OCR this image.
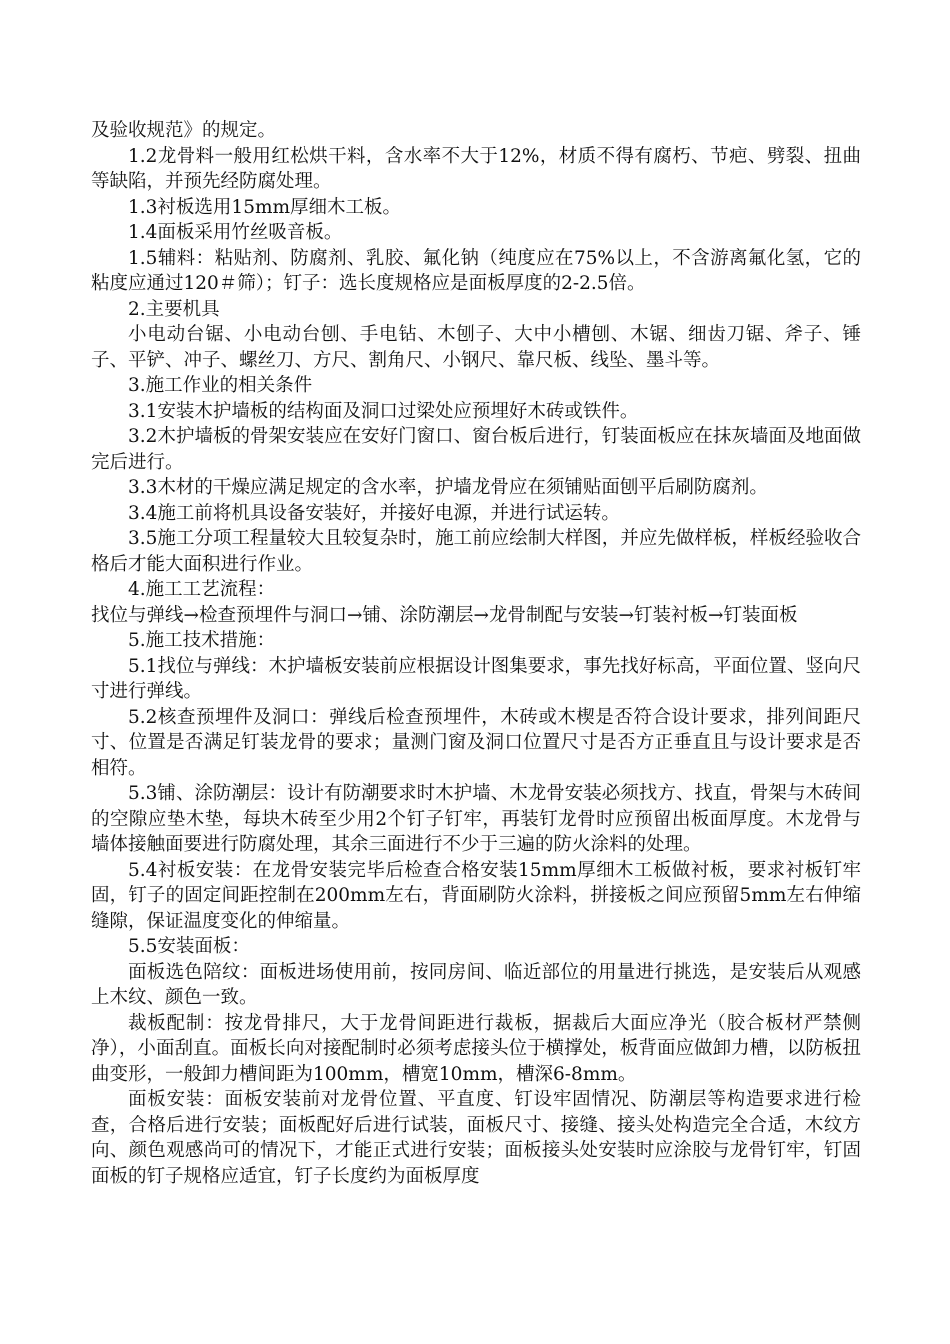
及验收规范》的规定。

1.2龙骨料一般用红松烘干料，含水率不大于12%，材质不得有腐朽、节疤、劈裂、扭曲等缺陷，并预先经防腐处理。

1.3衬板选用15mm厚细木工板。

1.4面板采用竹丝吸音板。

1.5辅料：粘贴剂、防腐剂、乳胶、氟化钠（纯度应在75%以上，不含游离氟化氢，它的粘度应通过120＃筛）；钉子：选长度规格应是面板厚度的2-2.5倍。

2.主要机具

小电动台锯、小电动台刨、手电钻、木刨子、大中小槽刨、木锯、细齿刀锯、斧子、锤子、平铲、冲子、螺丝刀、方尺、割角尺、小钢尺、靠尺板、线坠、墨斗等。

3.施工作业的相关条件

3.1安装木护墙板的结构面及洞口过梁处应预埋好木砖或铁件。

3.2木护墙板的骨架安装应在安好门窗口、窗台板后进行，钉装面板应在抹灰墙面及地面做完后进行。

3.3木材的干燥应满足规定的含水率，护墙龙骨应在须铺贴面刨平后刷防腐剂。

3.4施工前将机具设备安装好，并接好电源，并进行试运转。

3.5施工分项工程量较大且较复杂时，施工前应绘制大样图，并应先做样板，样板经验收合格后才能大面积进行作业。

4.施工工艺流程：

找位与弹线→检查预埋件与洞口→铺、涂防潮层→龙骨制配与安装→钉装衬板→钉装面板

5.施工技术措施：

5.1找位与弹线：木护墙板安装前应根据设计图集要求，事先找好标高，平面位置、竖向尺寸进行弹线。

5.2核查预埋件及洞口：弹线后检查预埋件，木砖或木楔是否符合设计要求，排列间距尺寸、位置是否满足钉装龙骨的要求；量测门窗及洞口位置尺寸是否方正垂直且与设计要求是否相符。

5.3铺、涂防潮层：设计有防潮要求时木护墙、木龙骨安装必须找方、找直，骨架与木砖间的空隙应垫木垫，每块木砖至少用2个钉子钉牢，再装钉龙骨时应预留出板面厚度。木龙骨与墙体接触面要进行防腐处理，其余三面进行不少于三遍的防火涂料的处理。

5.4衬板安装：在龙骨安装完毕后检查合格安装15mm厚细木工板做衬板，要求衬板钉牢固，钉子的固定间距控制在200mm左右，背面刷防火涂料，拼接板之间应预留5mm左右伸缩缝隙，保证温度变化的伸缩量。

5.5安装面板：

面板选色陪纹：面板进场使用前，按同房间、临近部位的用量进行挑选，是安装后从观感上木纹、颜色一致。

裁板配制：按龙骨排尺，大于龙骨间距进行裁板，据裁后大面应净光（胶合板材严禁侧净），小面刮直。面板长向对接配制时必须考虑接头位于横撑处，板背面应做卸力槽，以防板扭曲变形，一般卸力槽间距为100mm，槽宽10mm，槽深6-8mm。

面板安装：面板安装前对龙骨位置、平直度、钉设牢固情况、防潮层等构造要求进行检查，合格后进行安装；面板配好后进行试装，面板尺寸、接缝、接头处构造完全合适，木纹方向、颜色观感尚可的情况下，才能正式进行安装；面板接头处安装时应涂胶与龙骨钉牢，钉固面板的钉子规格应适宜，钉子长度约为面板厚度
